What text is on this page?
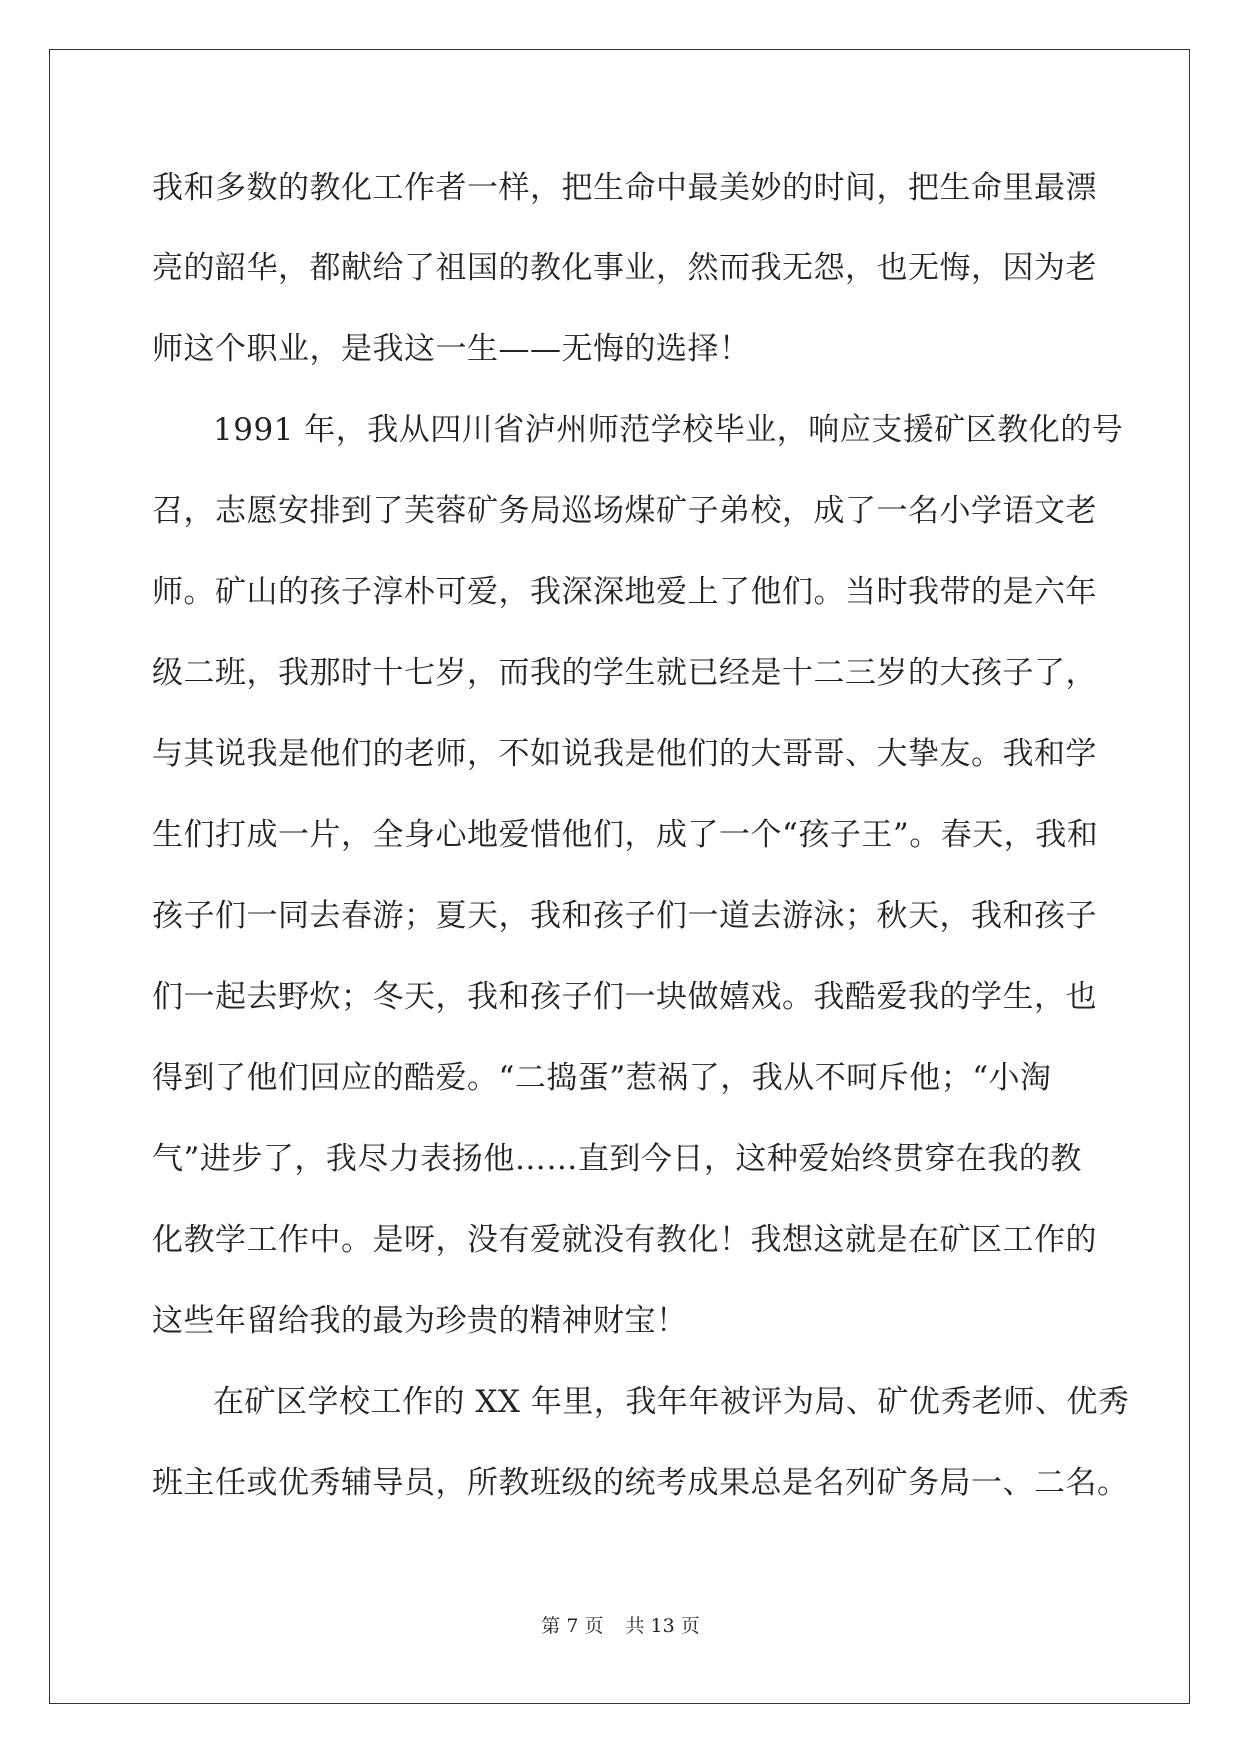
我和多数的教化工作者一样，把生命中最美妙的时间，把生命里最漂
亮的韶华，都献给了祖国的教化事业，然而我无怨，也无悔，因为老
师这个职业，是我这一生——无悔的选择！
1991 年，我从四川省泸州师范学校毕业，响应支援矿区教化的号
召，志愿安排到了芙蓉矿务局巡场煤矿子弟校，成了一名小学语文老
师。矿山的孩子淳朴可爱，我深深地爱上了他们。当时我带的是六年
级二班，我那时十七岁，而我的学生就已经是十二三岁的大孩子了，
与其说我是他们的老师，不如说我是他们的大哥哥、大挚友。我和学
生们打成一片，全身心地爱惜他们，成了一个“孩子王”。春天，我和
孩子们一同去春游；夏天，我和孩子们一道去游泳；秋天，我和孩子
们一起去野炊；冬天，我和孩子们一块做嬉戏。我酷爱我的学生，也
得到了他们回应的酷爱。“二捣蛋”惹祸了，我从不呵斥他；“小淘
气”进步了，我尽力表扬他……直到今日，这种爱始终贯穿在我的教
化教学工作中。是呀，没有爱就没有教化！我想这就是在矿区工作的
这些年留给我的最为珍贵的精神财宝！
在矿区学校工作的 XX 年里，我年年被评为局、矿优秀老师、优秀
班主任或优秀辅导员，所教班级的统考成果总是名列矿务局一、二名。
第 7 页 共 13 页
